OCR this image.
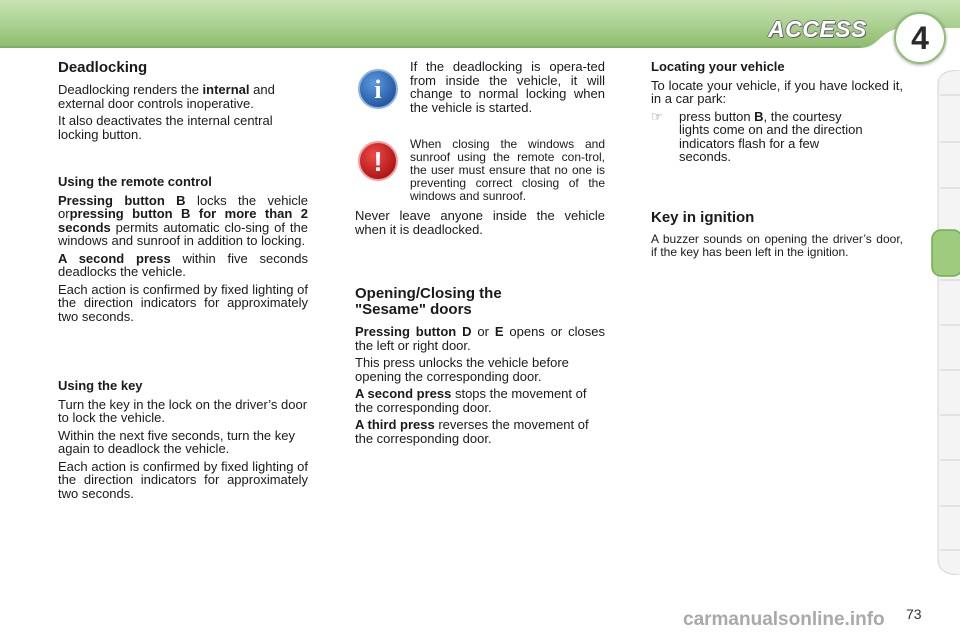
ACCESS	4
Deadlocking

Deadlocking renders the internal and external door controls inoperative.

It also deactivates the internal central locking button.

Using the remote control

Pressing button B locks the vehicle orpressing button B for more than 2 seconds permits automatic clo-sing of the windows and sunroof in addition to locking.

A second press within five seconds deadlocks the vehicle.

Each action is confirmed by fixed lighting of the direction indicators for approximately two seconds.

Using the key

Turn the key in the lock on the driver’s door to lock the vehicle.

Within the next five seconds, turn the key again to deadlock the vehicle.

Each action is confirmed by fixed lighting of the direction indicators for approximately two seconds.

i

If the deadlocking is opera-ted from inside the vehicle, it will change to normal locking when the vehicle is started.

!

When closing the windows and sunroof using the remote con-trol, the user must ensure that no one is preventing correct closing of the windows and sunroof.

Never leave anyone inside the vehicle when it is deadlocked.

Opening/Closing the "Sesame" doors

Pressing button D or E opens or closes the left or right door.

This press unlocks the vehicle before opening the corresponding door.

A second press stops the movement of the corresponding door.

A third press reverses the movement of the corresponding door.

Locating your vehicle

To locate your vehicle, if you have locked it, in a car park:

☞	press button B, the courtesy lights come on and the direction indicators flash for a few seconds.

Key in ignition

A buzzer sounds on opening the driver’s door, if the key has been left in the ignition.

carmanualsonline.info 73
